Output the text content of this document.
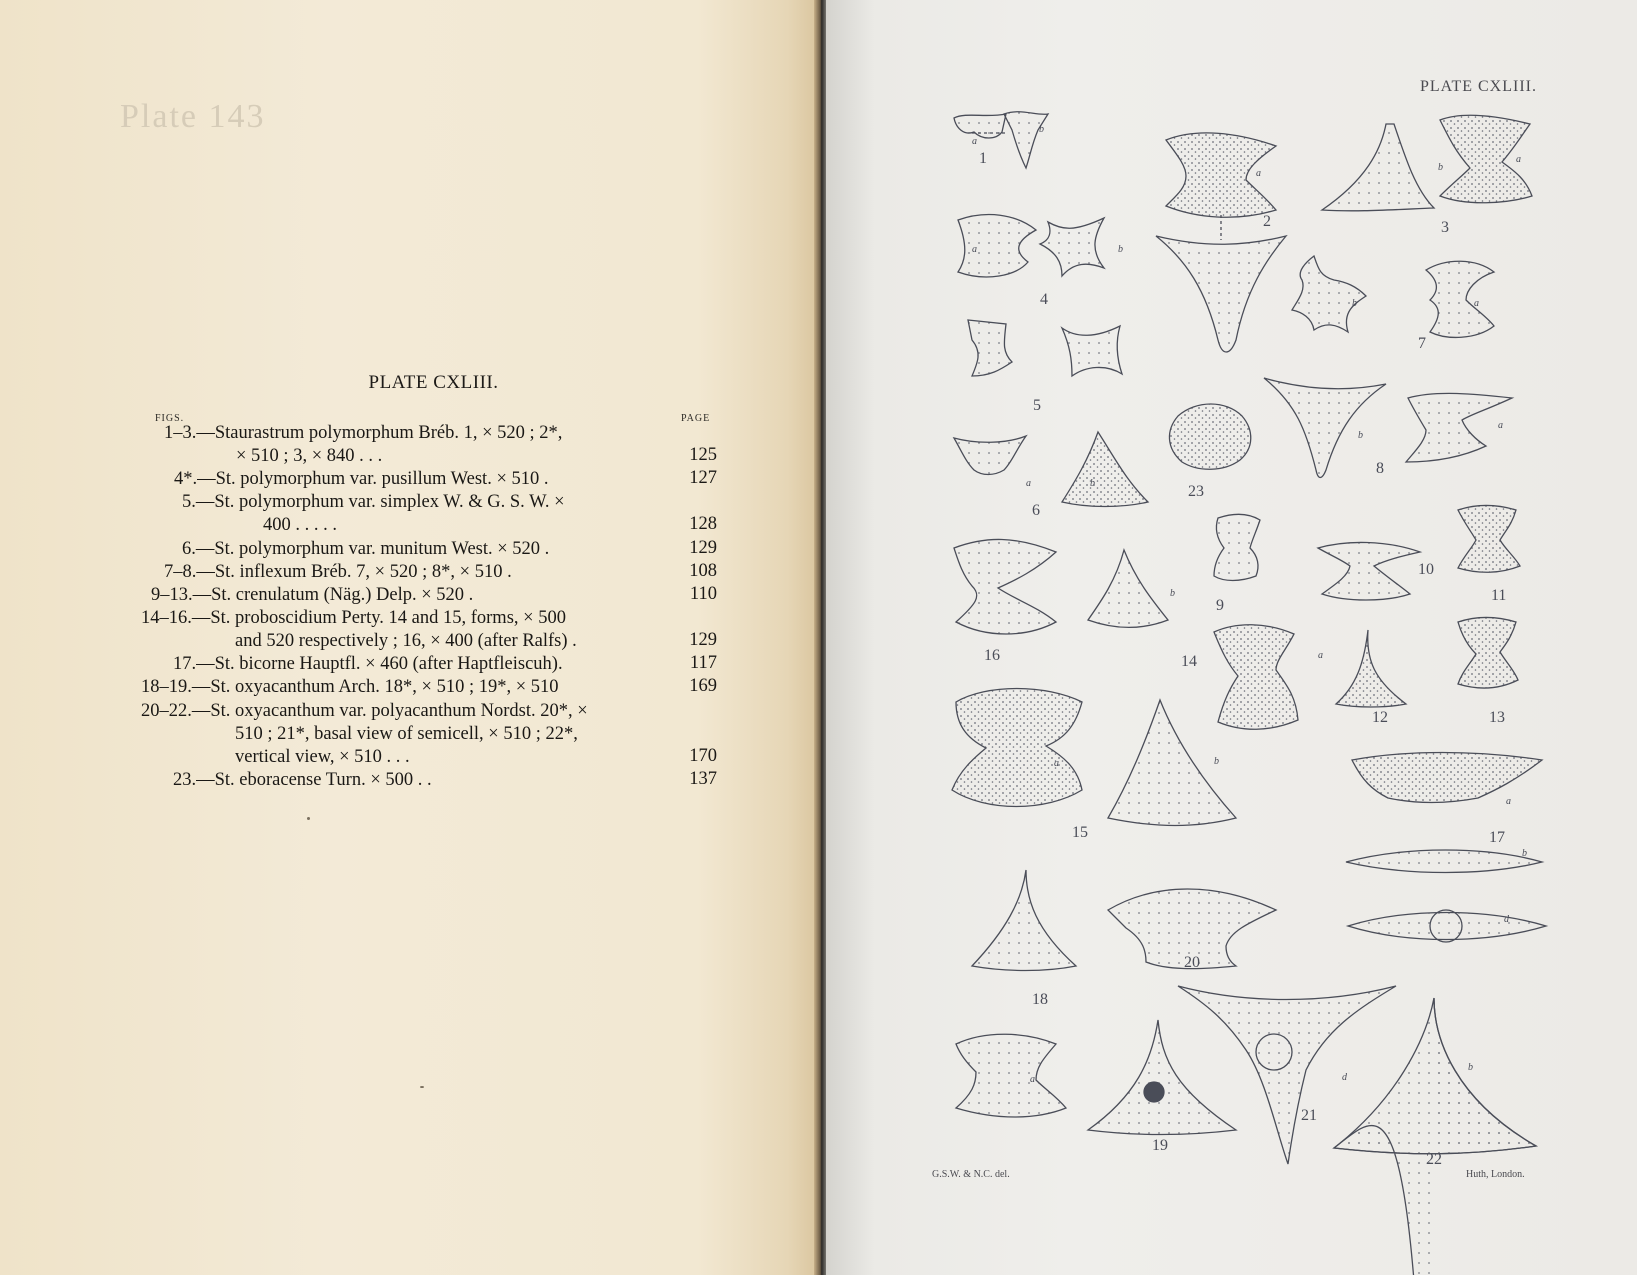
Plate 143
PLATE CXLIII.
FIGS.	PAGE
1–3.—Staurastrum polymorphum Bréb. 1, × 520 ; 2*,
× 510 ; 3, × 840 . . .	125
4*.—St. polymorphum var. pusillum West. × 510 .	127
5.—St. polymorphum var. simplex W. & G. S. W. ×
400 . . . . .	128
6.—St. polymorphum var. munitum West. × 520 .	129
7–8.—St. inflexum Bréb. 7, × 520 ; 8*, × 510 .	108
9–13.—St. crenulatum (Näg.) Delp. × 520 .	110
14–16.—St. proboscidium Perty. 14 and 15, forms, × 500
and 520 respectively ; 16, × 400 (after Ralfs) .	129
17.—St. bicorne Hauptfl. × 460 (after Haptfleiscuh).	117
18–19.—St. oxyacanthum Arch. 18*, × 510 ; 19*, × 510	169
20–22.—St. oxyacanthum var. polyacanthum Nordst. 20*, ×
510 ; 21*, basal view of semicell, × 510 ; 22*,
vertical view, × 510 . . .	170
23.—St. eboracense Turn. × 500 . .	137
PLATE CXLIII.
G.S.W. & N.C. del.	Huth, London.
1
2	3
4
5
6
7
8
9
10
11
12	13
14
15
16
17
18
19
20
21
22
23
a
b
a
b
a
a	b
a	b
b	a
b
a
b
a
a	b
a
b
d
d
b
a
